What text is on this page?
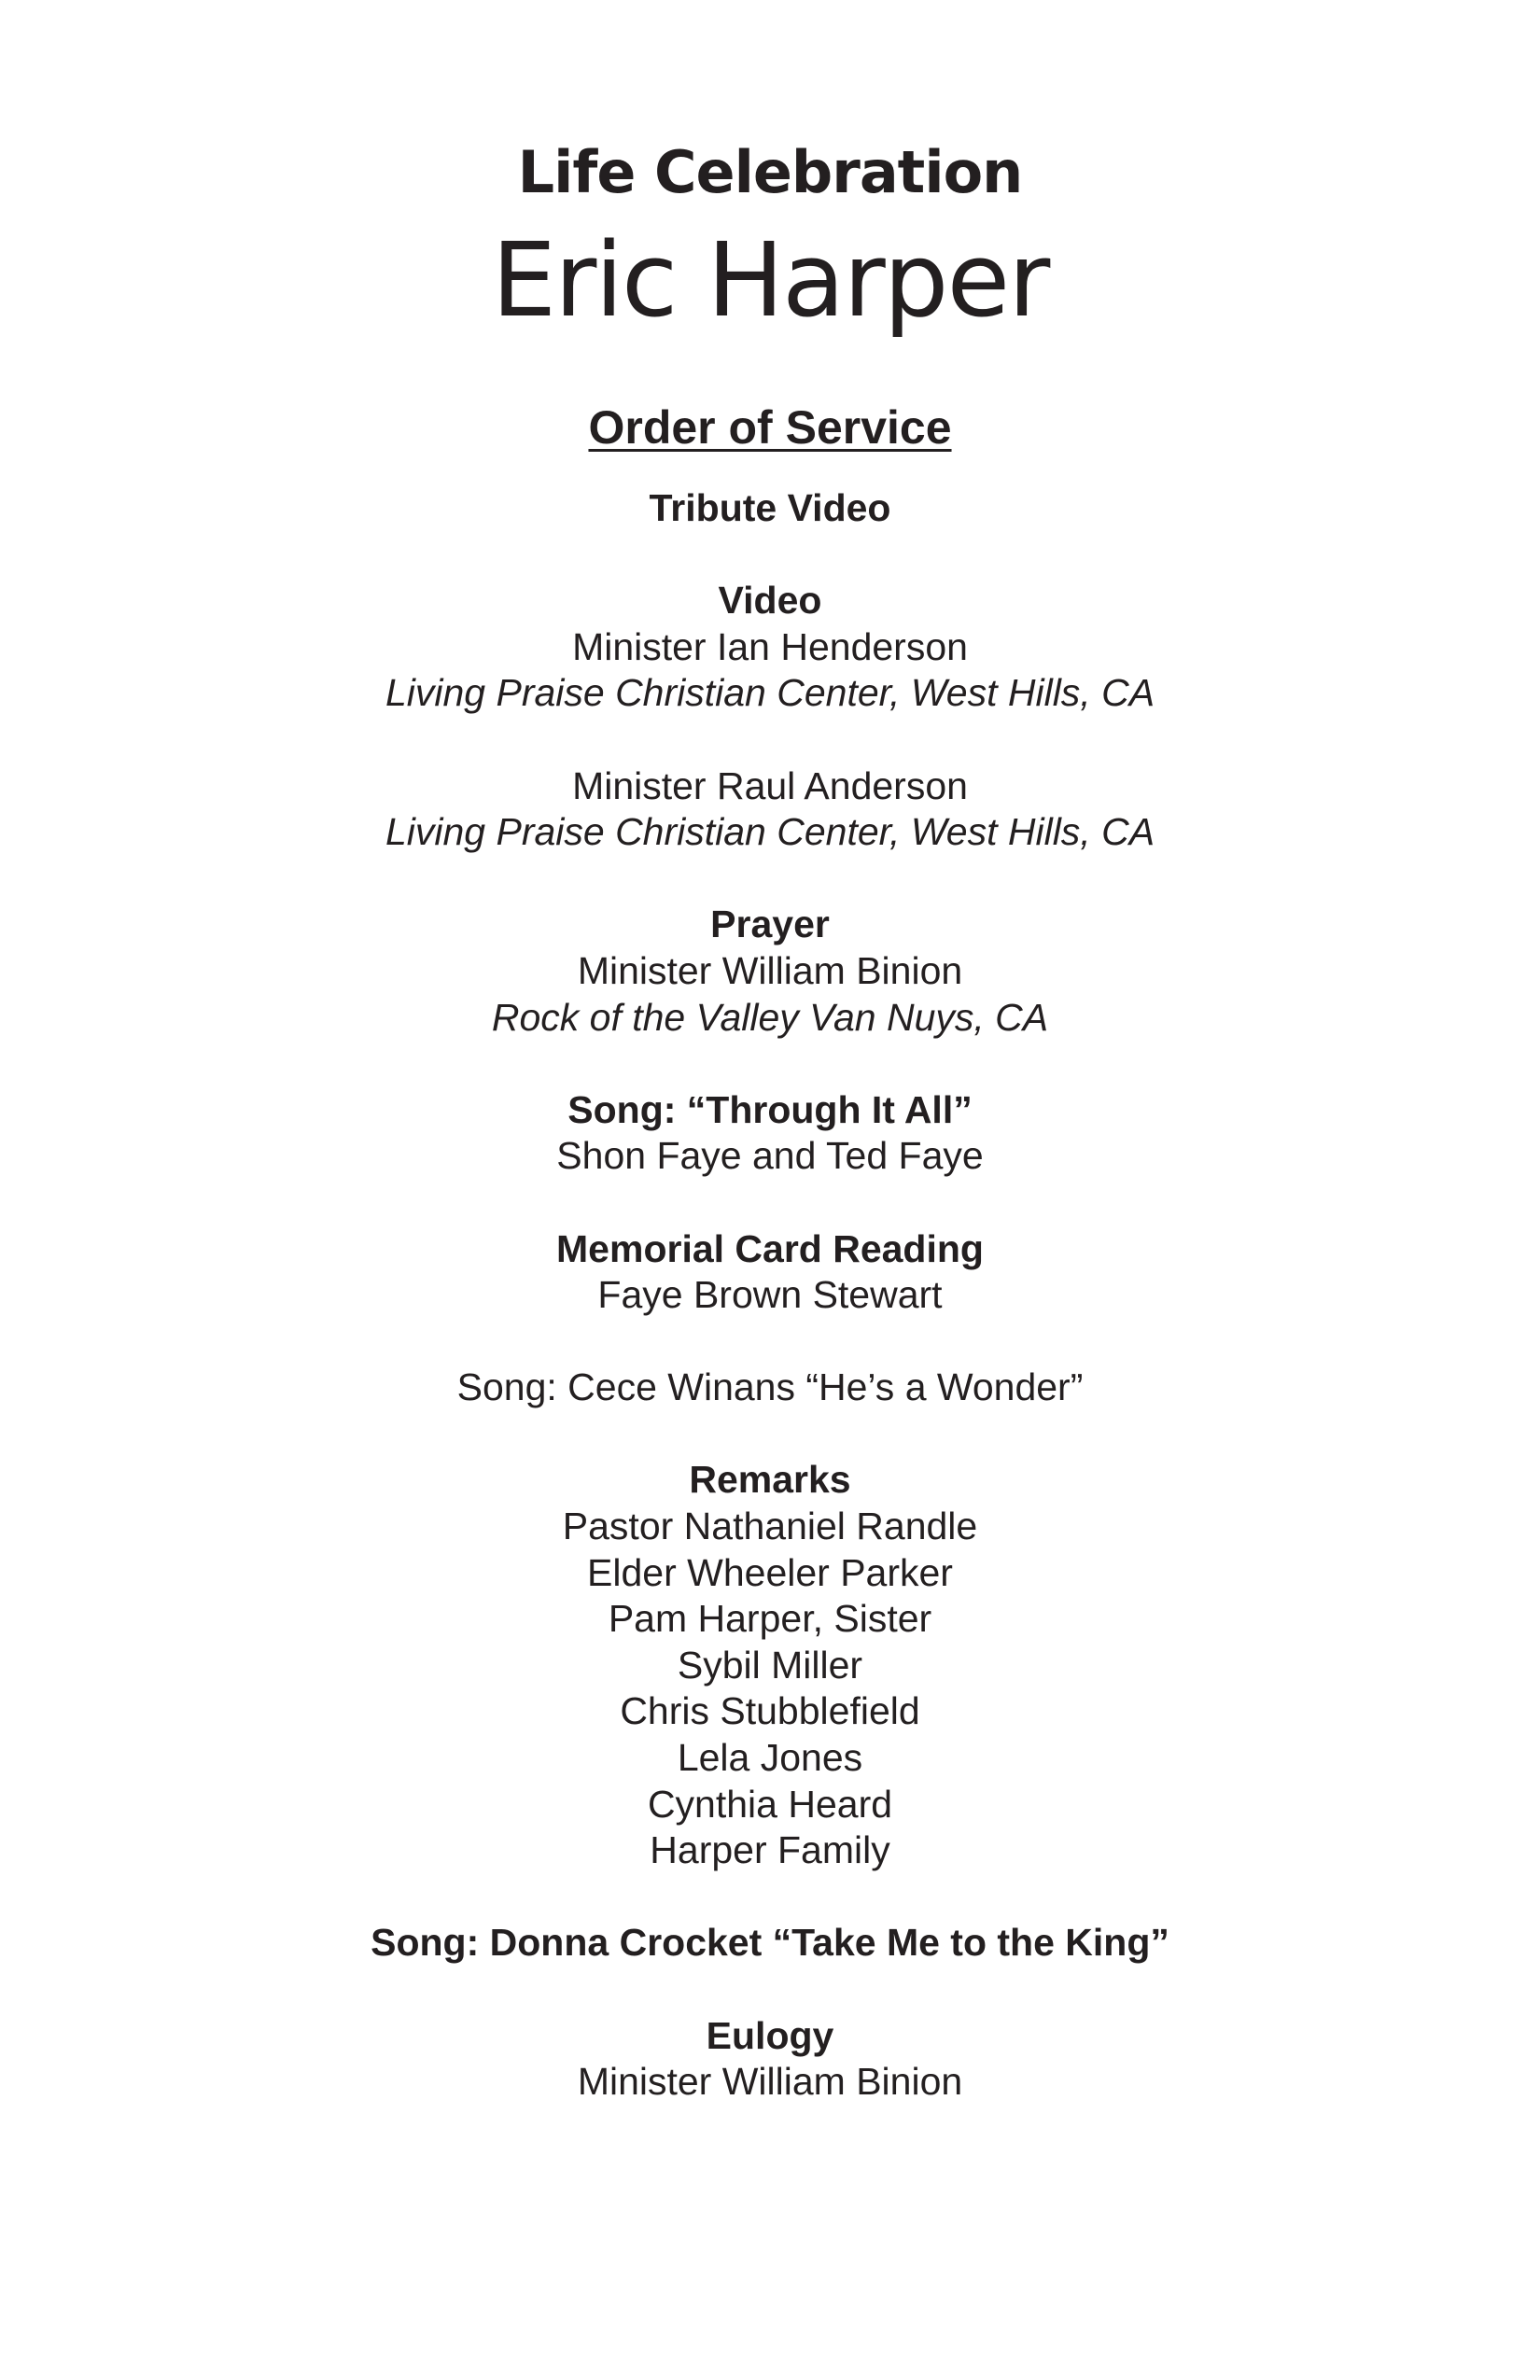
Life Celebration
Eric Harper
Order of Service
Tribute Video
Video
Minister Ian Henderson
Living Praise Christian Center, West Hills, CA
Minister Raul Anderson
Living Praise Christian Center, West Hills, CA
Prayer
Minister William Binion
Rock of the Valley Van Nuys, CA
Song: “Through It All”
Shon Faye and Ted Faye
Memorial Card Reading
Faye Brown Stewart
Song: Cece Winans “He’s a Wonder”
Remarks
Pastor Nathaniel Randle
Elder Wheeler Parker
Pam Harper, Sister
Sybil Miller
Chris Stubblefield
Lela Jones
Cynthia Heard
Harper Family
Song: Donna Crocket “Take Me to the King”
Eulogy
Minister William Binion
